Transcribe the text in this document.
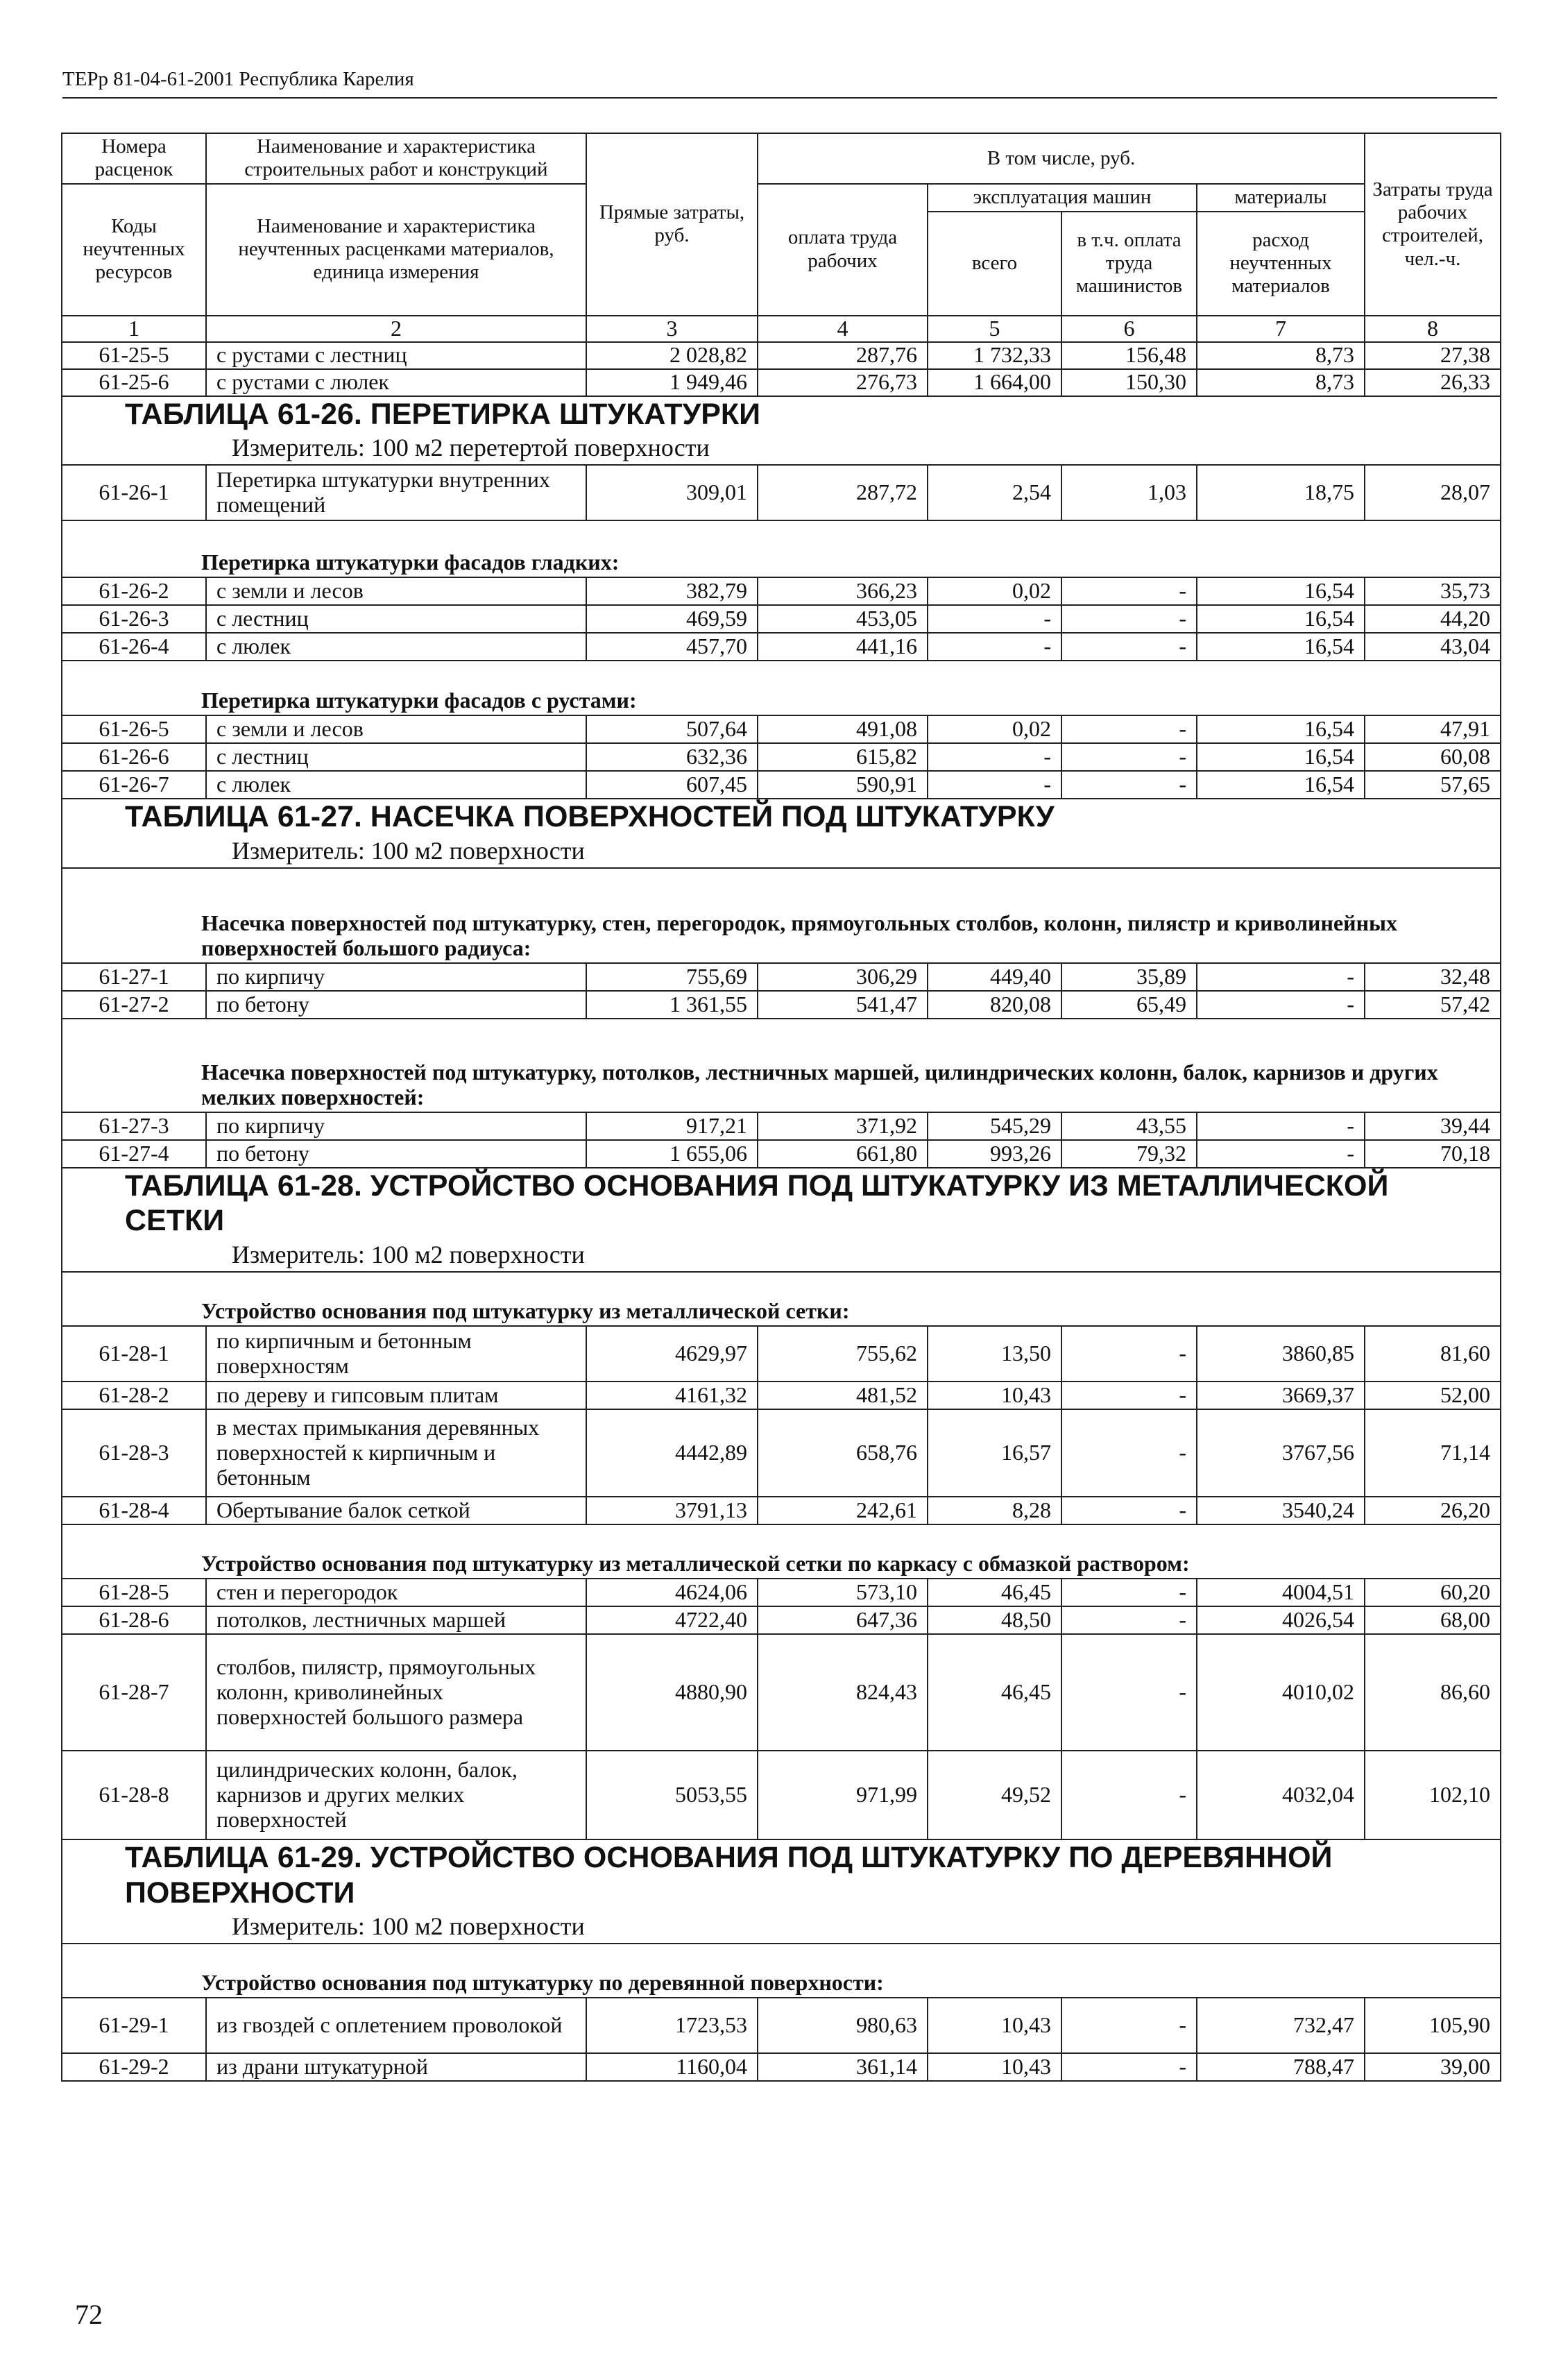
ТЕРр 81-04-61-2001 Республика Карелия
Номера расценок	Наименование и характеристика строительных работ и конструкций	Прямые затраты, руб.	В том числе, руб.				Затраты труда рабочих строителей, чел.-ч.
Коды неучтенных ресурсов	Наименование и характеристика неучтенных расценками материалов, единица измерения		оплата труда рабочих	эксплуатация машин		материалы	
				всего	в т.ч. оплата труда машинистов	расход неучтенных материалов	
1	2	3	4	5	6	7	8
61-25-5	с рустами с лестниц	2 028,82	287,76	1 732,33	156,48	8,73	27,38
61-25-6	с рустами с люлек	1 949,46	276,73	1 664,00	150,30	8,73	26,33

ТАБЛИЦА 61-26. ПЕРЕТИРКА ШТУКАТУРКИ
Измеритель: 100 м2 перетертой поверхности							

61-26-1	Перетирка штукатурки внутренних помещений	309,01	287,72	2,54	1,03	18,75	28,07
Перетирка штукатурки фасадов гладких:							
61-26-2	с земли и лесов	382,79	366,23	0,02	-	16,54	35,73
61-26-3	с лестниц	469,59	453,05	-	-	16,54	44,20
61-26-4	с люлек	457,70	441,16	-	-	16,54	43,04
Перетирка штукатурки фасадов с рустами:							
61-26-5	с земли и лесов	507,64	491,08	0,02	-	16,54	47,91
61-26-6	с лестниц	632,36	615,82	-	-	16,54	60,08
61-26-7	с люлек	607,45	590,91	-	-	16,54	57,65

ТАБЛИЦА 61-27. НАСЕЧКА ПОВЕРХНОСТЕЙ ПОД ШТУКАТУРКУ
Измеритель: 100 м2 поверхности							

Насечка поверхностей под штукатурку, стен, перегородок, прямоугольных столбов, колонн, пилястр и криволинейных поверхностей большого радиуса:							
61-27-1	по кирпичу	755,69	306,29	449,40	35,89	-	32,48
61-27-2	по бетону	1 361,55	541,47	820,08	65,49	-	57,42
Насечка поверхностей под штукатурку, потолков, лестничных маршей, цилиндрических колонн, балок, карнизов и других мелких поверхностей:							
61-27-3	по кирпичу	917,21	371,92	545,29	43,55	-	39,44
61-27-4	по бетону	1 655,06	661,80	993,26	79,32	-	70,18

ТАБЛИЦА 61-28. УСТРОЙСТВО ОСНОВАНИЯ ПОД ШТУКАТУРКУ ИЗ МЕТАЛЛИЧЕСКОЙ
СЕТКИ
Измеритель: 100 м2 поверхности							

Устройство основания под штукатурку из металлической сетки:							
61-28-1	по кирпичным и бетонным поверхностям	4629,97	755,62	13,50	-	3860,85	81,60
61-28-2	по дереву и гипсовым плитам	4161,32	481,52	10,43	-	3669,37	52,00
61-28-3	в местах примыкания деревянных поверхностей к кирпичным и бетонным	4442,89	658,76	16,57	-	3767,56	71,14
61-28-4	Обертывание балок сеткой	3791,13	242,61	8,28	-	3540,24	26,20
Устройство основания под штукатурку из металлической сетки по каркасу с обмазкой раствором:							
61-28-5	стен и перегородок	4624,06	573,10	46,45	-	4004,51	60,20
61-28-6	потолков, лестничных маршей	4722,40	647,36	48,50	-	4026,54	68,00
61-28-7	столбов, пилястр, прямоугольных колонн, криволинейных поверхностей большого размера	4880,90	824,43	46,45	-	4010,02	86,60
61-28-8	цилиндрических колонн, балок, карнизов и других мелких поверхностей	5053,55	971,99	49,52	-	4032,04	102,10

ТАБЛИЦА 61-29. УСТРОЙСТВО ОСНОВАНИЯ ПОД ШТУКАТУРКУ ПО ДЕРЕВЯННОЙ
ПОВЕРХНОСТИ
Измеритель: 100 м2 поверхности							

Устройство основания под штукатурку по деревянной поверхности:							
61-29-1	из гвоздей с оплетением проволокой	1723,53	980,63	10,43	-	732,47	105,90
61-29-2	из драни штукатурной	1160,04	361,14	10,43	-	788,47	39,00
72
